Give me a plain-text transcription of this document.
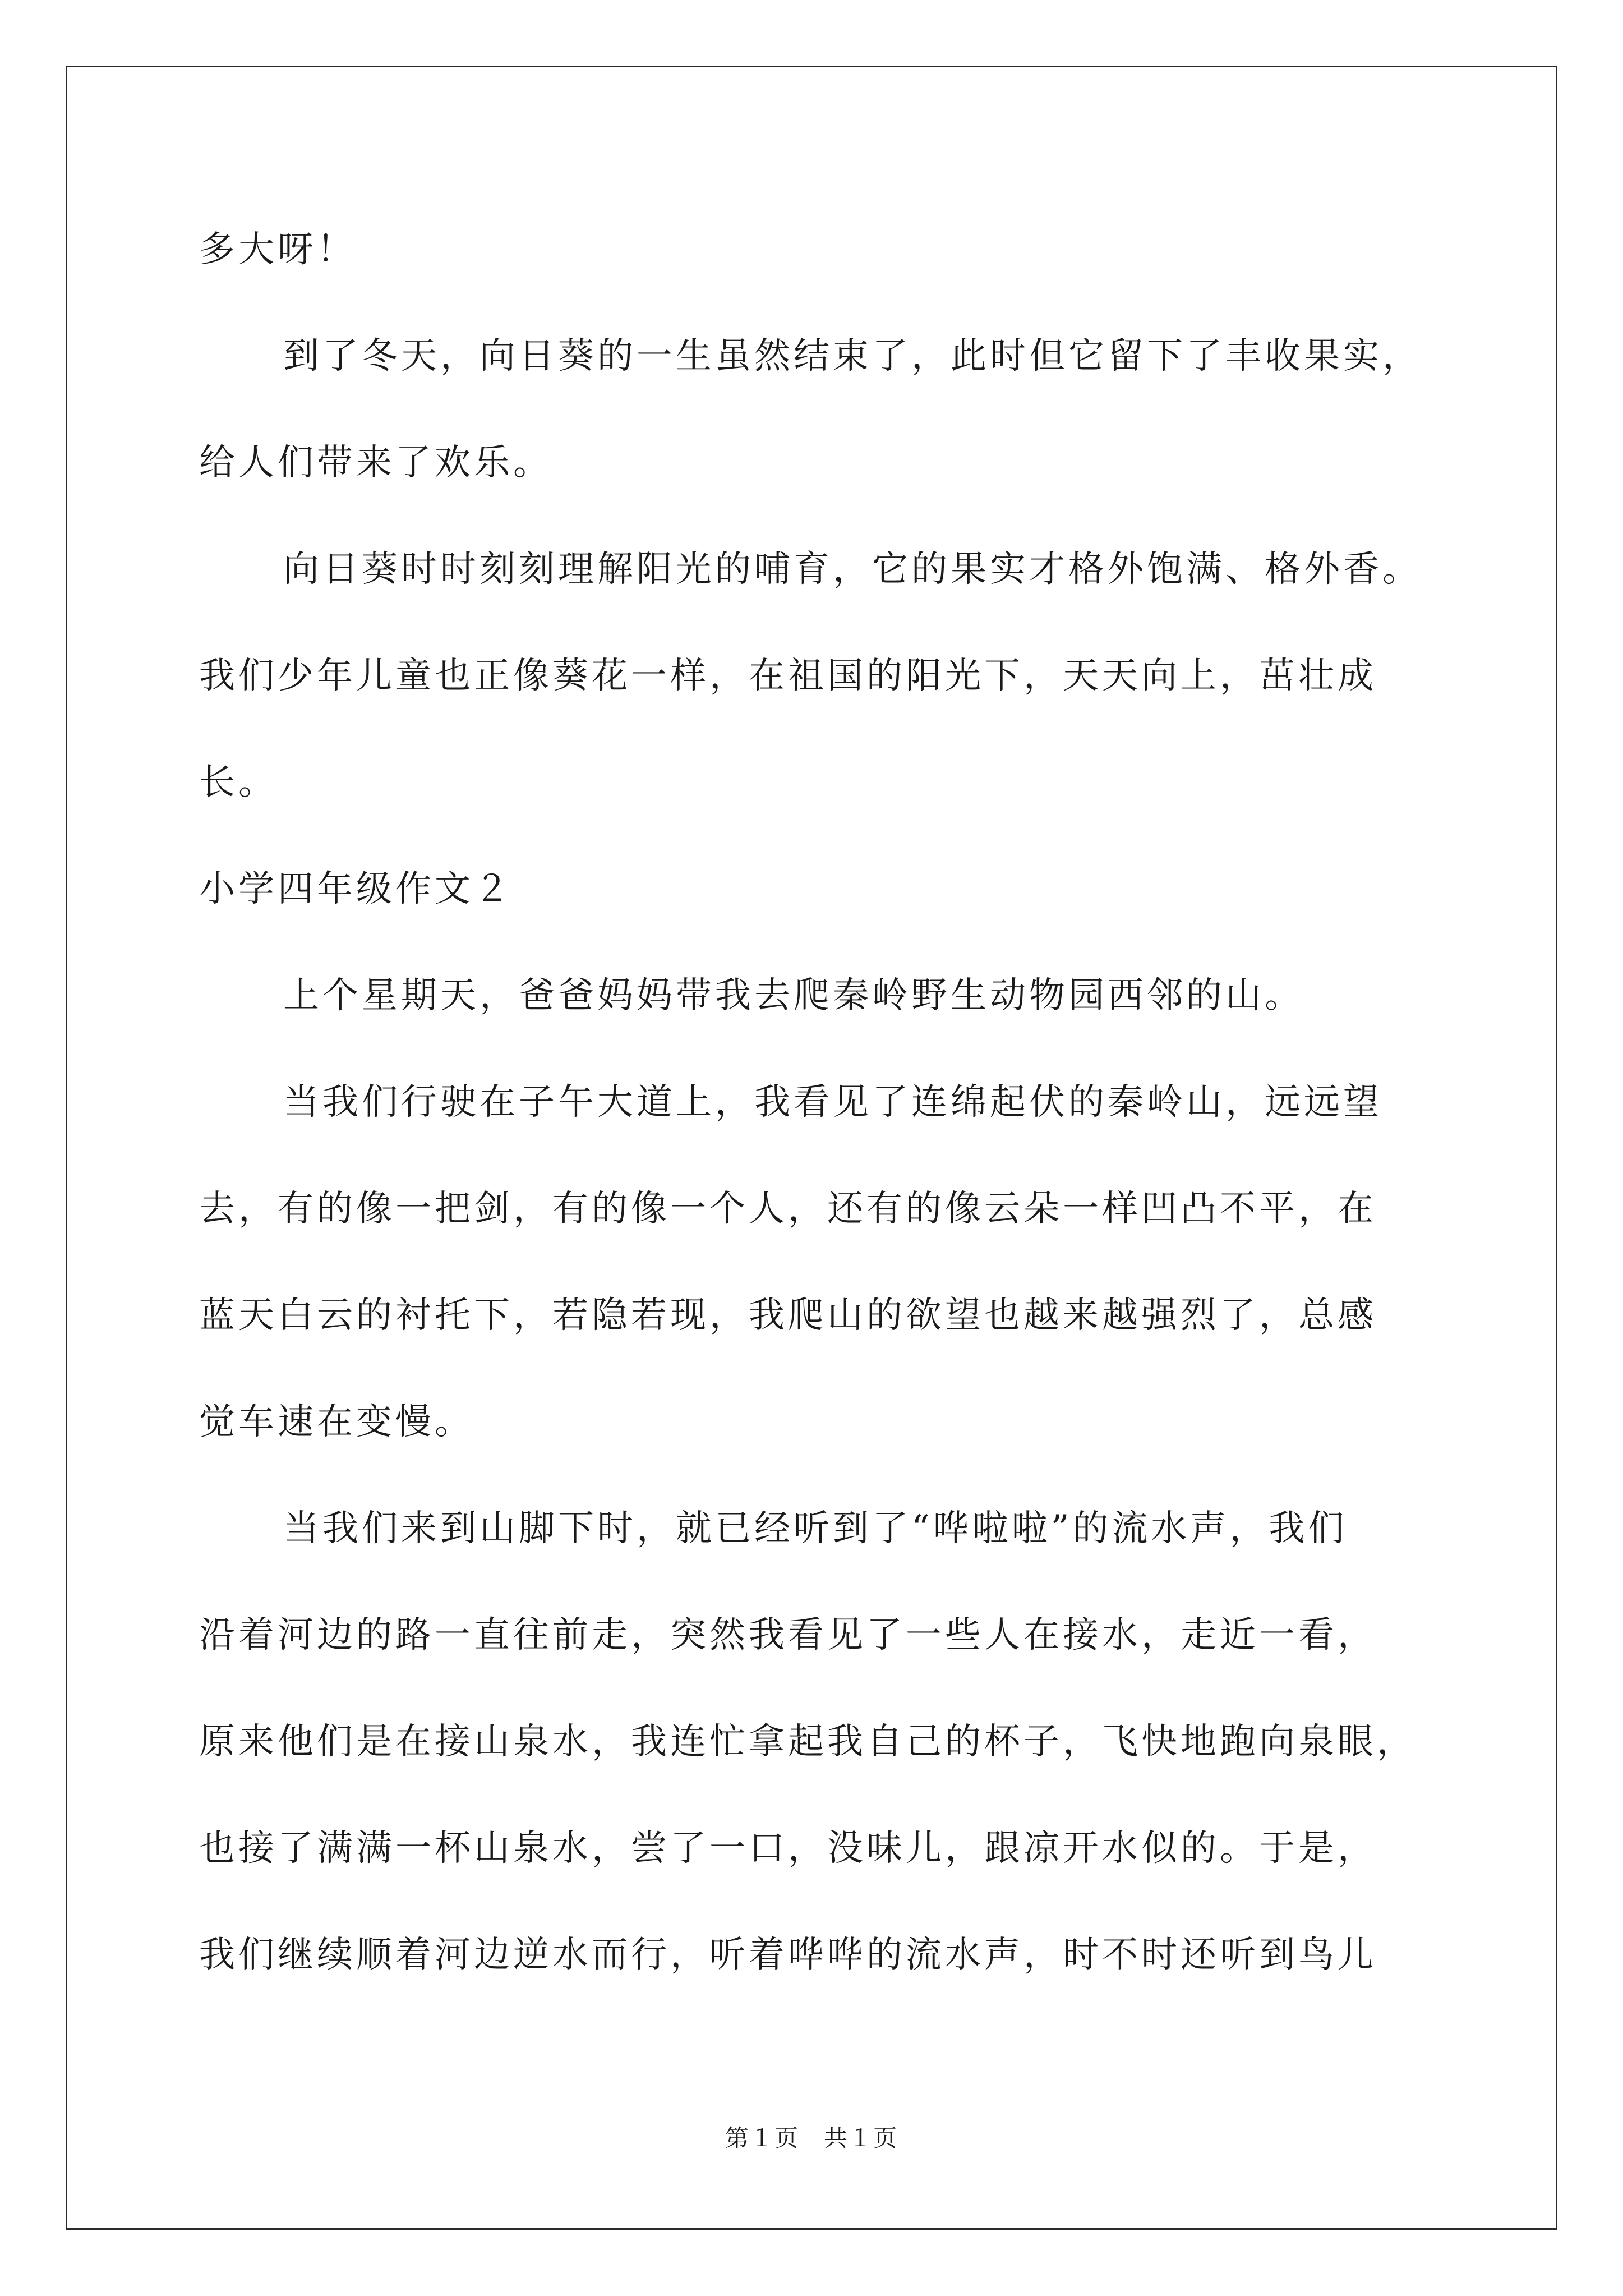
多大呀！
到了冬天，向日葵的一生虽然结束了，此时但它留下了丰收果实，
给人们带来了欢乐。
向日葵时时刻刻理解阳光的哺育，它的果实才格外饱满、格外香。
我们少年儿童也正像葵花一样，在祖国的阳光下，天天向上，茁壮成
长。
小学四年级作文２
上个星期天，爸爸妈妈带我去爬秦岭野生动物园西邻的山。
当我们行驶在子午大道上，我看见了连绵起伏的秦岭山，远远望
去，有的像一把剑，有的像一个人，还有的像云朵一样凹凸不平，在
蓝天白云的衬托下，若隐若现，我爬山的欲望也越来越强烈了，总感
觉车速在变慢。
当我们来到山脚下时，就已经听到了“哗啦啦”的流水声，我们
沿着河边的路一直往前走，突然我看见了一些人在接水，走近一看，
原来他们是在接山泉水，我连忙拿起我自己的杯子，飞快地跑向泉眼，
也接了满满一杯山泉水，尝了一口，没味儿，跟凉开水似的。于是，
我们继续顺着河边逆水而行，听着哗哗的流水声，时不时还听到鸟儿
第１页　共１页
